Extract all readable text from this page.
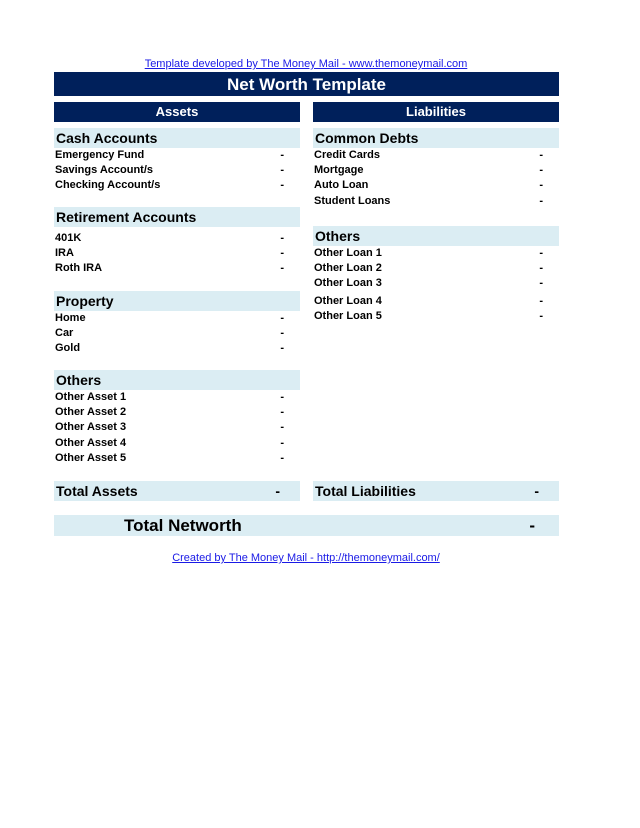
Template developed by The Money Mail - www.themoneymail.com
Net Worth Template
Assets	Liabilities
Cash Accounts
Emergency Fund	-
Savings Account/s	-
Checking Account/s	-
Retirement Accounts
401K	-
IRA	-
Roth IRA	-
Property
Home	-
Car	-
Gold	-
Others
Other Asset 1	-
Other Asset 2	-
Other Asset 3	-
Other Asset 4	-
Other Asset 5	-
Common Debts
Credit Cards	-
Mortgage	-
Auto Loan	-
Student Loans	-
Others
Other Loan 1	-
Other Loan 2	-
Other Loan 3	-
Other Loan 4	-
Other Loan 5	-
Total Assets	-	Total Liabilities	-
Total Networth	-
Created by The Money Mail - http://themoneymail.com/
